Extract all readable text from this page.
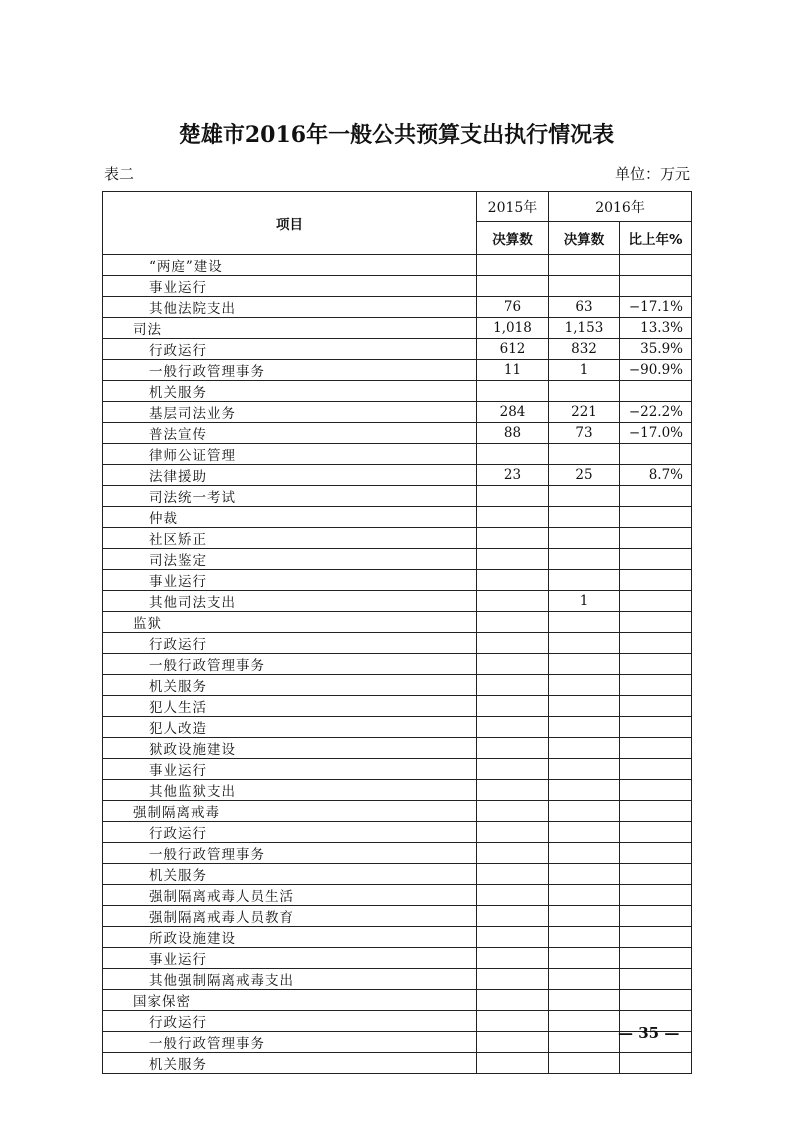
楚雄市2016年一般公共预算支出执行情况表
表二	单位：万元
项目	2015年	2016年	
	决算数	决算数	比上年%
“两庭”建设			
事业运行			
其他法院支出	76	63	−17.1%
司法	1,018	1,153	13.3%
行政运行	612	832	35.9%
一般行政管理事务	11	1	−90.9%
机关服务			
基层司法业务	284	221	−22.2%
普法宣传	88	73	−17.0%
律师公证管理			
法律援助	23	25	8.7%
司法统一考试			
仲裁			
社区矫正			
司法鉴定			
事业运行			
其他司法支出		1	
监狱			
行政运行			
一般行政管理事务			
机关服务			
犯人生活			
犯人改造			
狱政设施建设			
事业运行			
其他监狱支出			
强制隔离戒毒			
行政运行			
一般行政管理事务			
机关服务			
强制隔离戒毒人员生活			
强制隔离戒毒人员教育			
所政设施建设			
事业运行			
其他强制隔离戒毒支出			
国家保密			
行政运行			
一般行政管理事务			
机关服务			
— 35 —
